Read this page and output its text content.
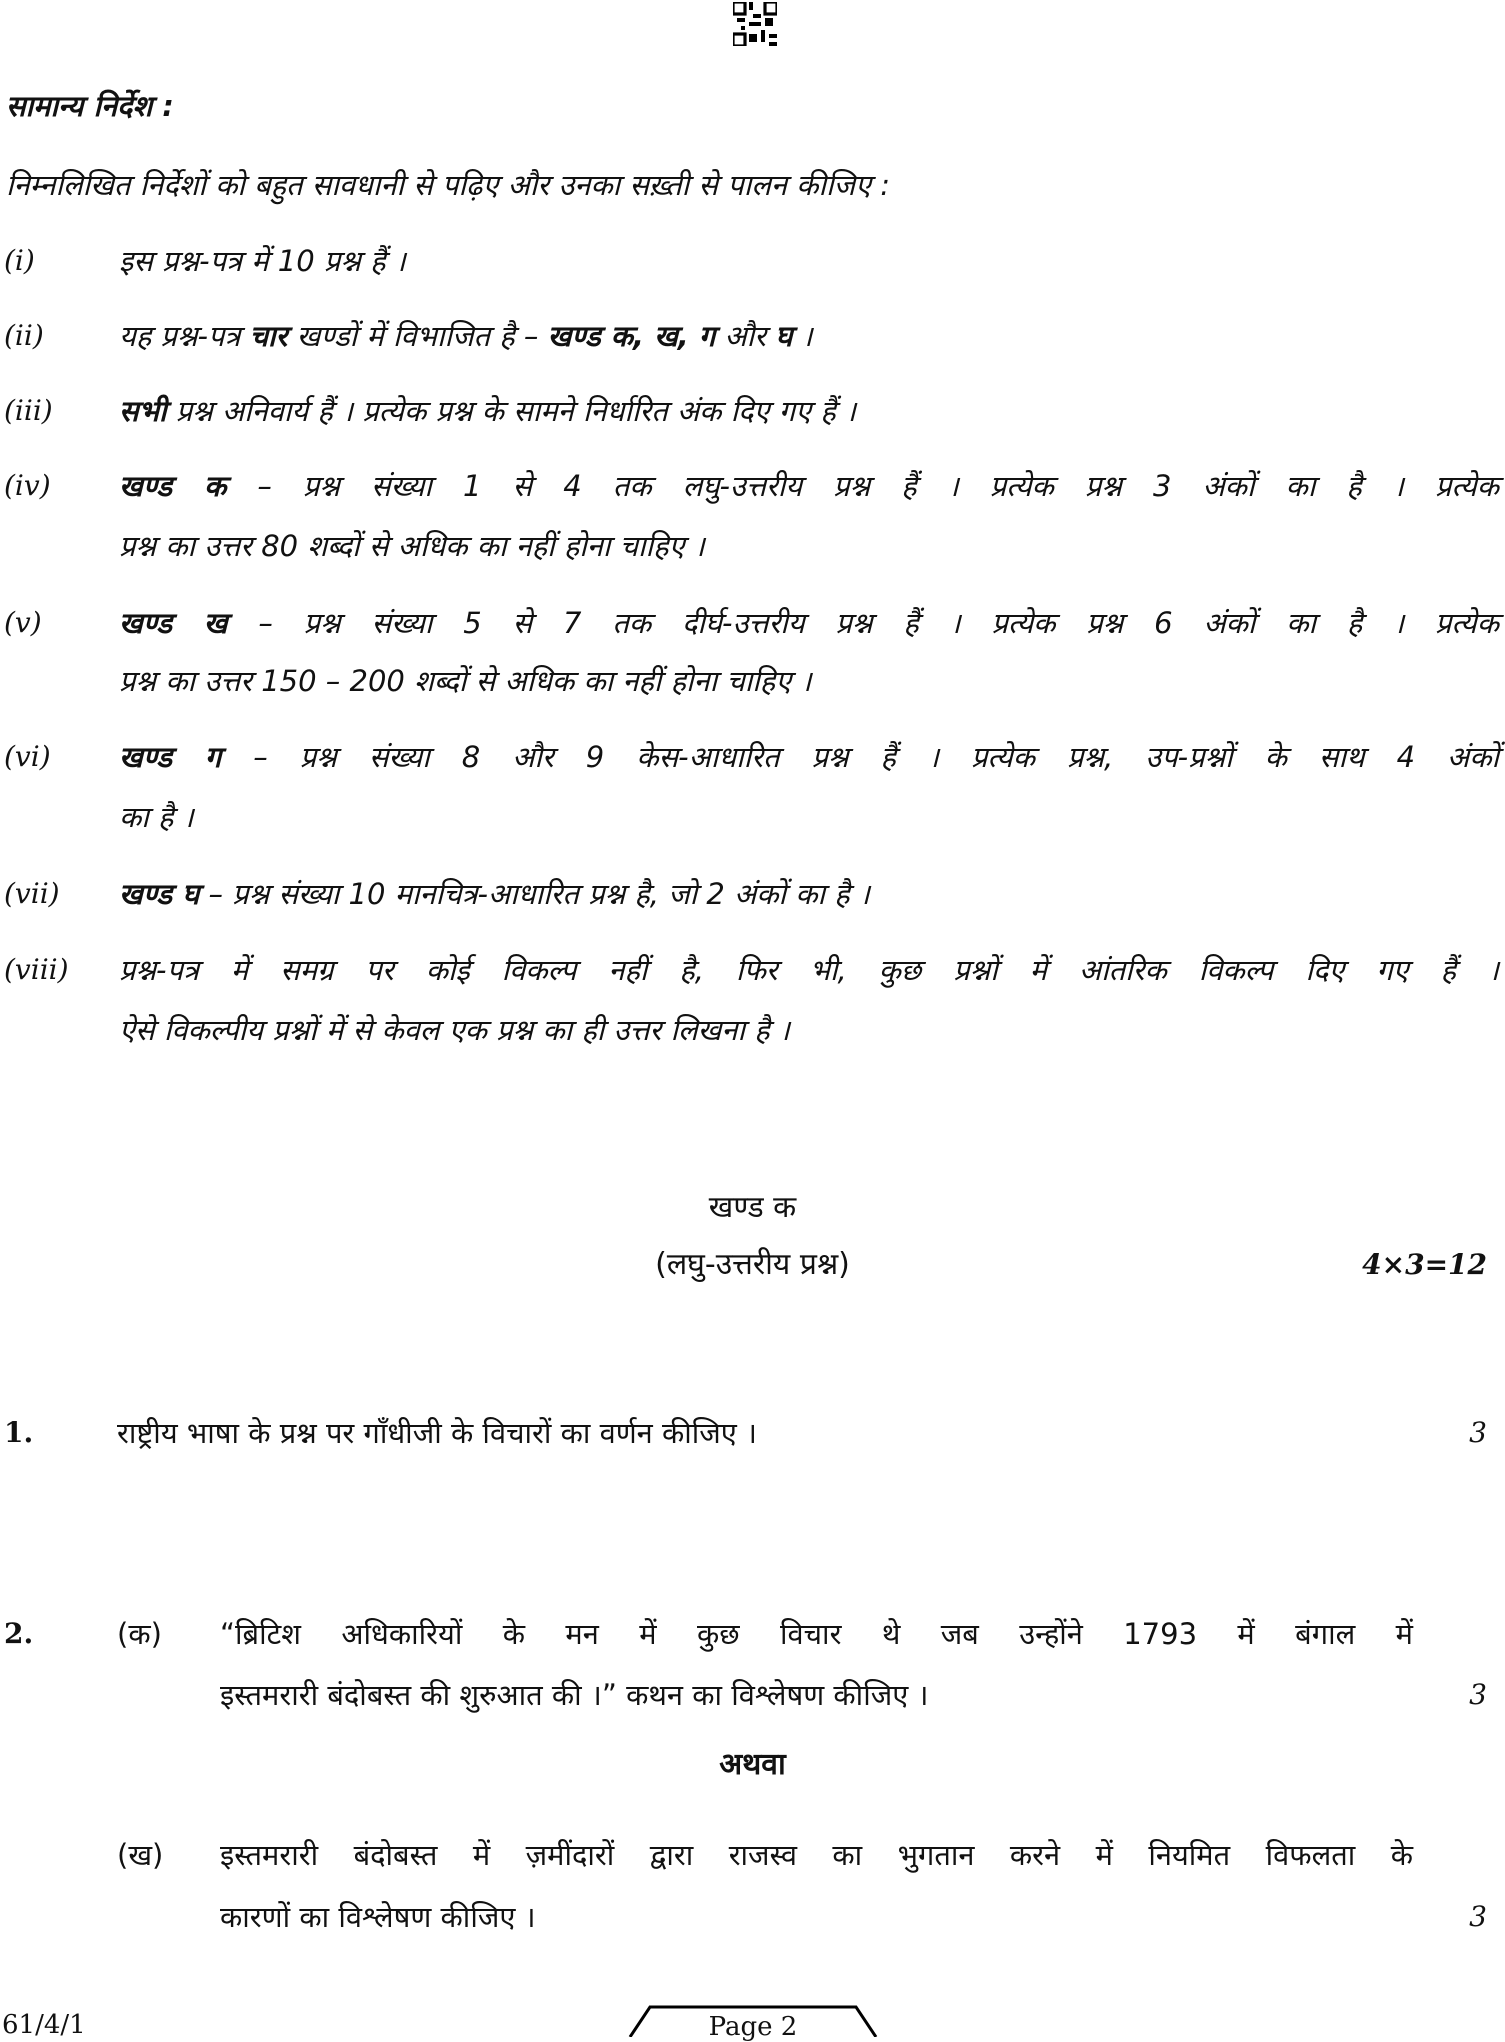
सामान्य निर्देश :
निम्नलिखित निर्देशों को बहुत सावधानी से पढ़िए और उनका सख़्ती से पालन कीजिए :
(i)	इस प्रश्न-पत्र में 10 प्रश्न हैं ।
(ii)	यह प्रश्न-पत्र चार खण्डों में विभाजित है – खण्ड क, ख, ग और घ ।
(iii) सभी प्रश्न अनिवार्य हैं । प्रत्येक प्रश्न के सामने निर्धारित अंक दिए गए हैं ।
(iv) खण्ड क – प्रश्न संख्या 1 से 4 तक लघु-उत्तरीय प्रश्न हैं । प्रत्येक प्रश्न 3 अंकों का है । प्रत्येक
प्रश्न का उत्तर 80 शब्दों से अधिक का नहीं होना चाहिए ।
(v)	खण्ड ख – प्रश्न संख्या 5 से 7 तक दीर्घ-उत्तरीय प्रश्न हैं । प्रत्येक प्रश्न 6 अंकों का है । प्रत्येक
प्रश्न का उत्तर 150 – 200 शब्दों से अधिक का नहीं होना चाहिए ।
(vi) खण्ड ग – प्रश्न संख्या 8 और 9 केस-आधारित प्रश्न हैं । प्रत्येक प्रश्न, उप-प्रश्नों के साथ 4 अंकों
का है ।
(vii) खण्ड घ – प्रश्न संख्या 10 मानचित्र-आधारित प्रश्न है, जो 2 अंकों का है ।
(viii) प्रश्न-पत्र में समग्र पर कोई विकल्प नहीं है, फिर भी, कुछ प्रश्नों में आंतरिक विकल्प दिए गए हैं ।
ऐसे विकल्पीय प्रश्नों में से केवल एक प्रश्न का ही उत्तर लिखना है ।
खण्ड क
(लघु-उत्तरीय प्रश्न)	4×3=12
1.	राष्ट्रीय भाषा के प्रश्न पर गाँधीजी के विचारों का वर्णन कीजिए ।	3
2.	(क) “ब्रिटिश अधिकारियों के मन में कुछ विचार थे जब उन्होंने 1793 में बंगाल में
इस्तमरारी बंदोबस्त की शुरुआत की ।” कथन का विश्लेषण कीजिए ।	3
अथवा
(ख) इस्तमरारी बंदोबस्त में ज़मींदारों द्वारा राजस्व का भुगतान करने में नियमित विफलता के
कारणों का विश्लेषण कीजिए ।	3
61/4/1	Page 2
